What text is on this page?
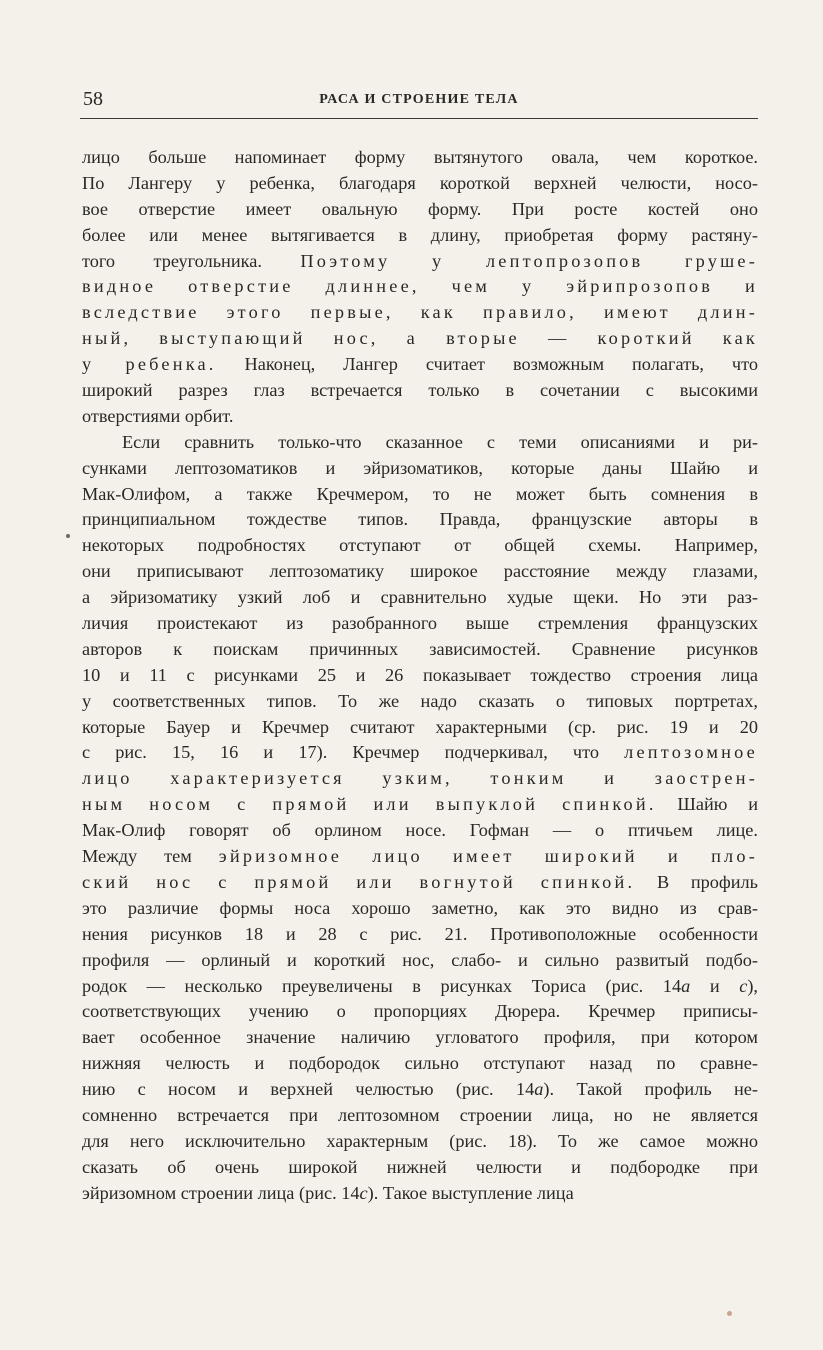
58	РАСА И СТРОЕНИЕ ТЕЛА
лицо больше напоминает форму вытянутого овала, чем короткое.
По Лангеру у ребенка, благодаря короткой верхней челюсти, носо-
вое отверстие имеет овальную форму. При росте костей оно
более или менее вытягивается в длину, приобретая форму растяну-
того треугольника. Поэтому у лептопрозопов груше-
видное отверстие длиннее, чем у эйрипрозопов и
вследствие этого первые, как правило, имеют длин-
ный, выступающий нос, а вторые — короткий как
у ребенка. Наконец, Лангер считает возможным полагать, что
широкий разрез глаз встречается только в сочетании с высокими
отверстиями орбит.
Если сравнить только-что сказанное с теми описаниями и ри-
сунками лептозоматиков и эйризоматиков, которые даны Шайю и
Мак-Олифом, а также Кречмером, то не может быть сомнения в
принципиальном тождестве типов. Правда, французские авторы в
некоторых подробностях отступают от общей схемы. Например,
они приписывают лептозоматику широкое расстояние между глазами,
а эйризоматику узкий лоб и сравнительно худые щеки. Но эти раз-
личия проистекают из разобранного выше стремления французских
авторов к поискам причинных зависимостей. Сравнение рисунков
10 и 11 с рисунками 25 и 26 показывает тождество строения лица
у соответственных типов. То же надо сказать о типовых портретах,
которые Бауер и Кречмер считают характерными (ср. рис. 19 и 20
с рис. 15, 16 и 17). Кречмер подчеркивал, что лептозомное
лицо характеризуется узким, тонким и заострен-
ным носом с прямой или выпуклой спинкой. Шайю и
Мак-Олиф говорят об орлином носе. Гофман — о птичьем лице.
Между тем эйризомное лицо имеет широкий и пло-
ский нос с прямой или вогнутой спинкой. В профиль
это различие формы носа хорошо заметно, как это видно из срав-
нения рисунков 18 и 28 с рис. 21. Противоположные особенности
профиля — орлиный и короткий нос, слабо- и сильно развитый подбо-
родок — несколько преувеличены в рисунках Ториса (рис. 14a и c),
соответствующих учению о пропорциях Дюрера. Кречмер приписы-
вает особенное значение наличию угловатого профиля, при котором
нижняя челюсть и подбородок сильно отступают назад по сравне-
нию с носом и верхней челюстью (рис. 14a). Такой профиль не-
сомненно встречается при лептозомном строении лица, но не является
для него исключительно характерным (рис. 18). То же самое можно
сказать об очень широкой нижней челюсти и подбородке при
эйризомном строении лица (рис. 14c). Такое выступление лица
